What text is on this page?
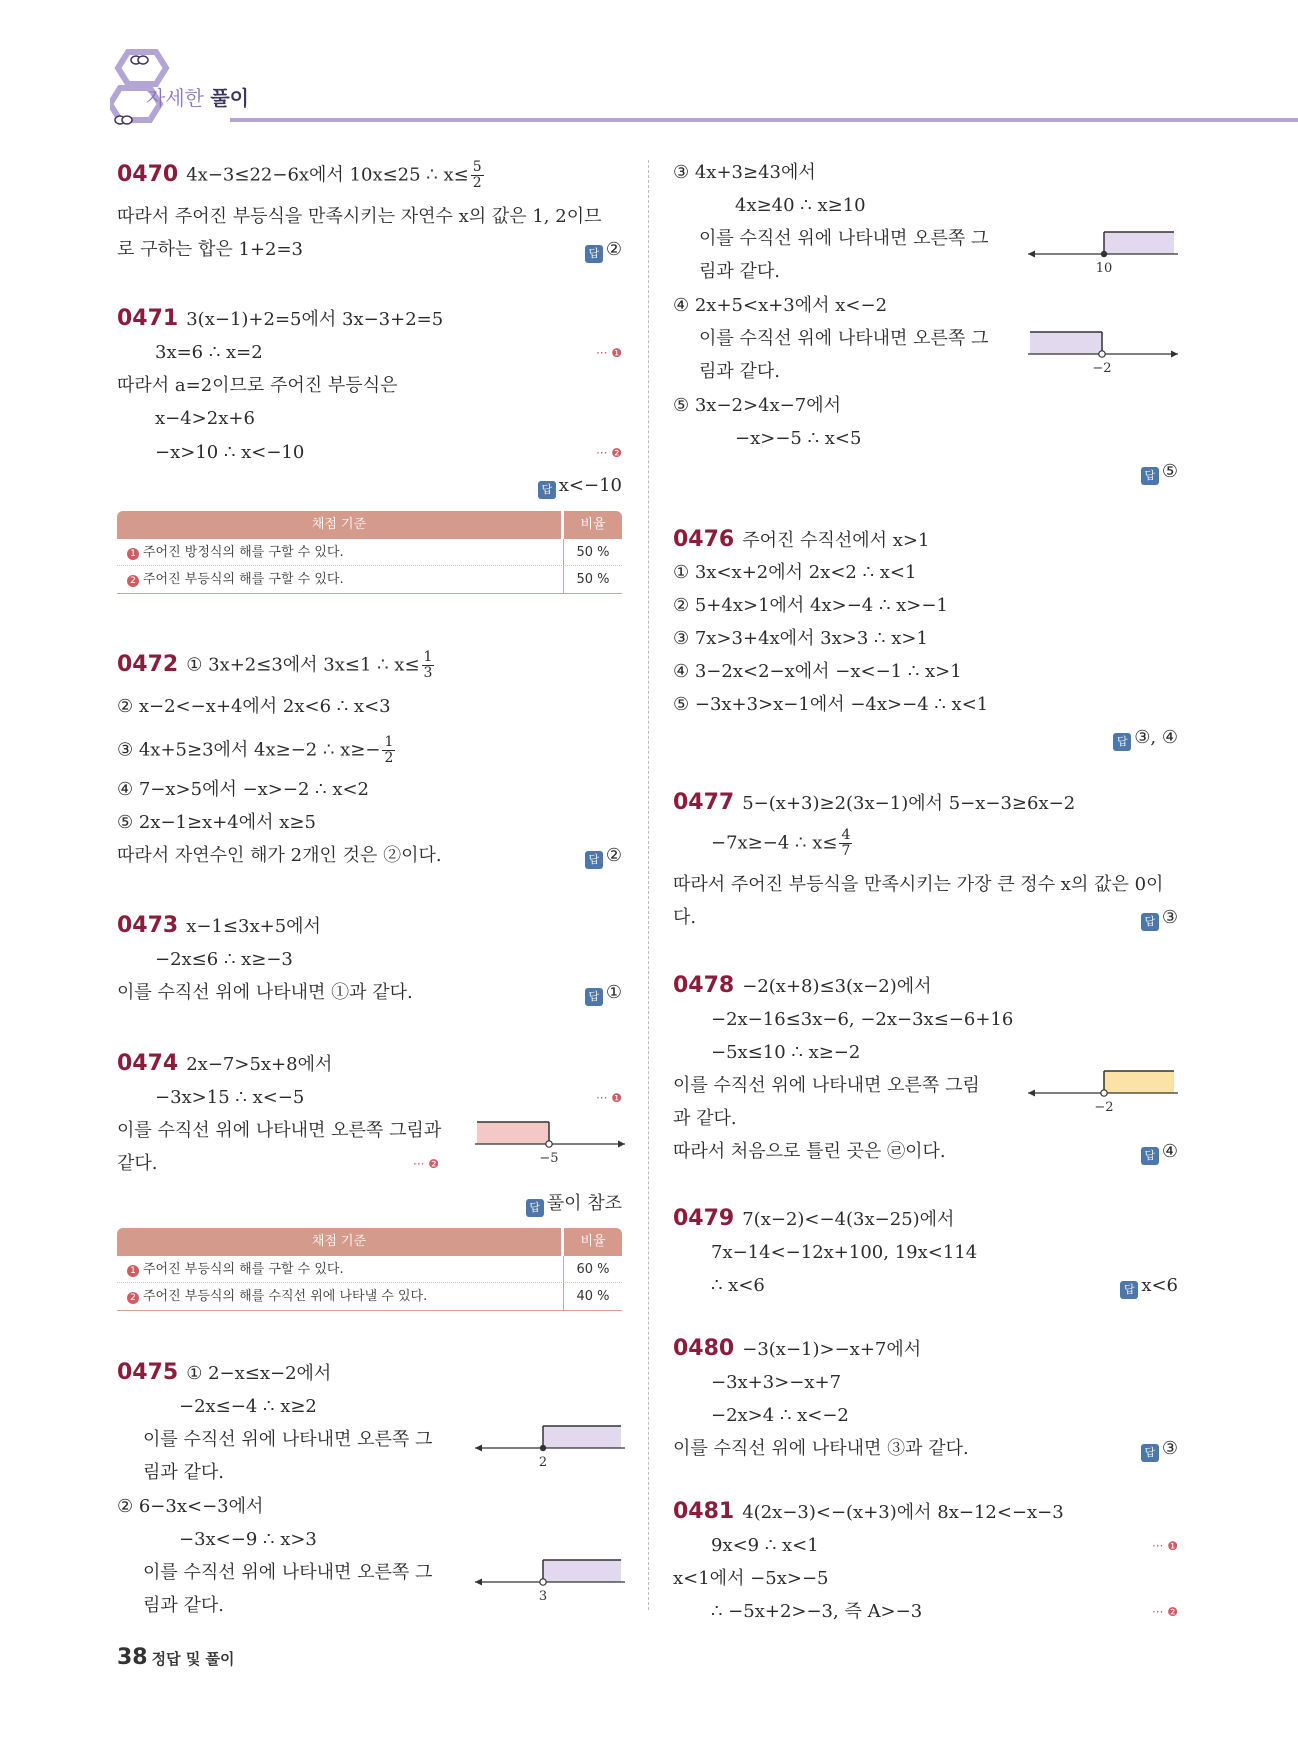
자세한 풀이
0470 4x−3≤22−6x에서 10x≤25 ∴ $x\le \frac{5}{2}$
따라서 주어진 부등식을 만족시키는 자연수 x의 값은 1, 2이므
로 구하는 합은 1+2=3	답 ②
0471 3(x−1)+2=5에서 3x−3+2=5
3x=6 ∴ x=2	··· ❶
따라서 a=2이므로 주어진 부등식은
x−4>2x+6
−x>10 ∴ x<−10	··· ❷
답 x<−10
채점 기준	비율
1 주어진 방정식의 해를 구할 수 있다.	50 %
2 주어진 부등식의 해를 구할 수 있다.	50 %
0472 ① 3x+2≤3에서 3x≤1 ∴ $x\le \frac{1}{3}$
② x−2<−x+4에서 2x<6 ∴ x<3
③ 4x+5≥3에서 4x≥−2 ∴ $x\ge- \frac{1}{2}$
④ 7−x>5에서 −x>−2 ∴ x<2
⑤ 2x−1≥x+4에서 x≥5
따라서 자연수인 해가 2개인 것은 ②이다.	답 ②
0473 x−1≤3x+5에서
−2x≤6 ∴ x≥−3
이를 수직선 위에 나타내면 ①과 같다.	답 ①
0474 2x−7>5x+8에서
−3x>15 ∴ x<−5	··· ❶
이를 수직선 위에 나타내면 오른쪽 그림과
같다.	··· ❷	−5
답 풀이 참조
채점 기준	비율
1 주어진 부등식의 해를 구할 수 있다.	60 %
2 주어진 부등식의 해를 수직선 위에 나타낼 수 있다.	40 %
0475 ① 2−x≤x−2에서
−2x≤−4 ∴ x≥2
이를 수직선 위에 나타내면 오른쪽 그
림과 같다.	2
② 6−3x<−3에서
−3x<−9 ∴ x>3
이를 수직선 위에 나타내면 오른쪽 그
림과 같다.	3
③ 4x+3≥43에서
4x≥40 ∴ x≥10
이를 수직선 위에 나타내면 오른쪽 그
림과 같다.	10
④ 2x+5<x+3에서 x<−2
이를 수직선 위에 나타내면 오른쪽 그
림과 같다.	−2
⑤ 3x−2>4x−7에서
−x>−5 ∴ x<5
답 ⑤
0476 주어진 수직선에서 x>1
① 3x<x+2에서 2x<2 ∴ x<1
② 5+4x>1에서 4x>−4 ∴ x>−1
③ 7x>3+4x에서 3x>3 ∴ x>1
④ 3−2x<2−x에서 −x<−1 ∴ x>1
⑤ −3x+3>x−1에서 −4x>−4 ∴ x<1
답 ③, ④
0477 5−(x+3)≥2(3x−1)에서 5−x−3≥6x−2
−7x≥−4 ∴ $x\le \frac{4}{7}$
따라서 주어진 부등식을 만족시키는 가장 큰 정수 x의 값은 0이
다.	답 ③
0478 −2(x+8)≤3(x−2)에서
−2x−16≤3x−6, −2x−3x≤−6+16
−5x≤10 ∴ x≥−2
이를 수직선 위에 나타내면 오른쪽 그림
과 같다.
−2
따라서 처음으로 틀린 곳은 ㉣이다.	답 ④
0479 7(x−2)<−4(3x−25)에서
7x−14<−12x+100, 19x<114
∴ x<6	답 x<6
0480 −3(x−1)>−x+7에서
−3x+3>−x+7
−2x>4 ∴ x<−2
이를 수직선 위에 나타내면 ③과 같다.	답 ③
0481 4(2x−3)<−(x+3)에서 8x−12<−x−3
9x<9 ∴ x<1	··· ❶
x<1에서 −5x>−5
∴ −5x+2>−3, 즉 A>−3	··· ❷
38 정답 및 풀이
